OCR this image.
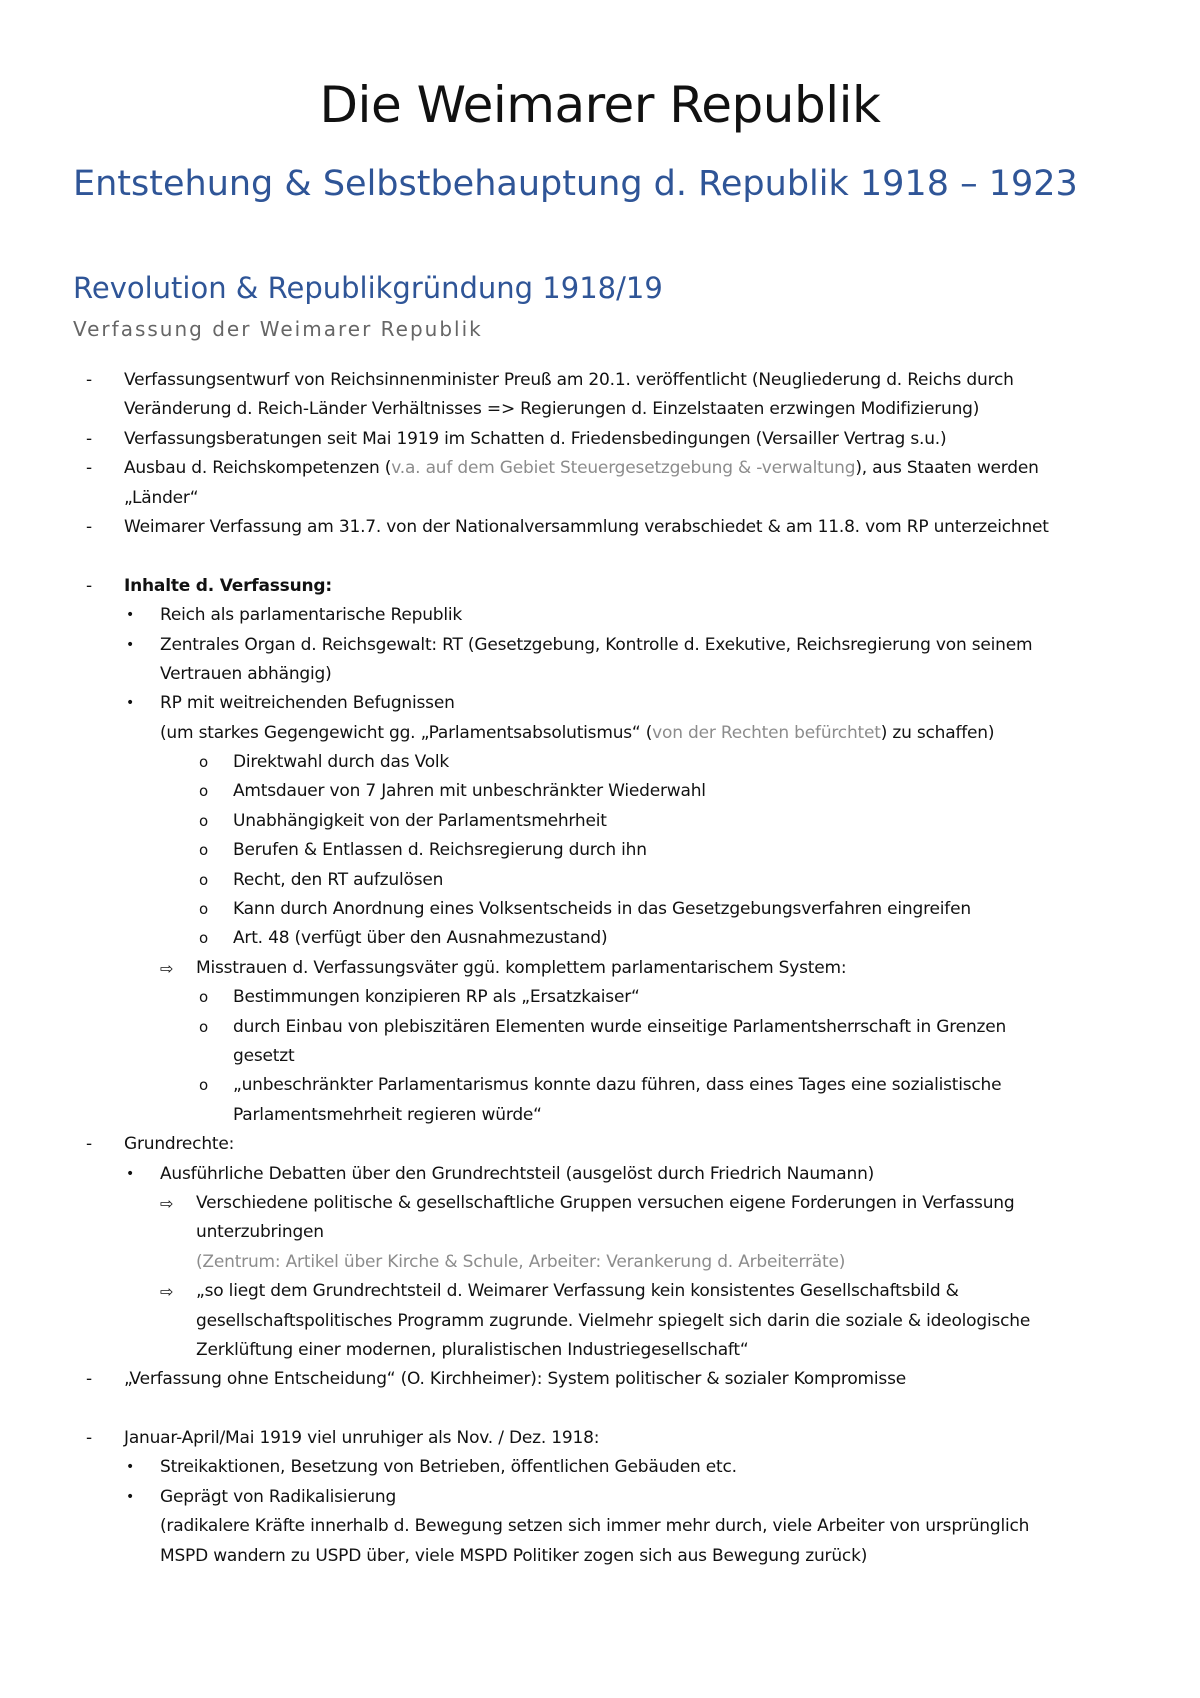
Die Weimarer Republik
Entstehung & Selbstbehauptung d. Republik 1918 – 1923
Revolution & Republikgründung 1918/19
Verfassung der Weimarer Republik
- Verfassungsentwurf von Reichsinnenminister Preuß am 20.1. veröffentlicht (Neugliederung d. Reichs durch
Veränderung d. Reich-Länder Verhältnisses => Regierungen d. Einzelstaaten erzwingen Modifizierung)
- Verfassungsberatungen seit Mai 1919 im Schatten d. Friedensbedingungen (Versailler Vertrag s.u.)
- Ausbau d. Reichskompetenzen (v.a. auf dem Gebiet Steuergesetzgebung & -verwaltung), aus Staaten werden
„Länder“
- Weimarer Verfassung am 31.7. von der Nationalversammlung verabschiedet & am 11.8. vom RP unterzeichnet
- Inhalte d. Verfassung:
• Reich als parlamentarische Republik
• Zentrales Organ d. Reichsgewalt: RT (Gesetzgebung, Kontrolle d. Exekutive, Reichsregierung von seinem
Vertrauen abhängig)
• RP mit weitreichenden Befugnissen
(um starkes Gegengewicht gg. „Parlamentsabsolutismus“ (von der Rechten befürchtet) zu schaffen)
o Direktwahl durch das Volk
o Amtsdauer von 7 Jahren mit unbeschränkter Wiederwahl
o Unabhängigkeit von der Parlamentsmehrheit
o Berufen & Entlassen d. Reichsregierung durch ihn
o Recht, den RT aufzulösen
o Kann durch Anordnung eines Volksentscheids in das Gesetzgebungsverfahren eingreifen
o Art. 48 (verfügt über den Ausnahmezustand)
⇨ Misstrauen d. Verfassungsväter ggü. komplettem parlamentarischem System:
o Bestimmungen konzipieren RP als „Ersatzkaiser“
o durch Einbau von plebiszitären Elementen wurde einseitige Parlamentsherrschaft in Grenzen
gesetzt
o „unbeschränkter Parlamentarismus konnte dazu führen, dass eines Tages eine sozialistische
Parlamentsmehrheit regieren würde“
- Grundrechte:
• Ausführliche Debatten über den Grundrechtsteil (ausgelöst durch Friedrich Naumann)
⇨ Verschiedene politische & gesellschaftliche Gruppen versuchen eigene Forderungen in Verfassung
unterzubringen
(Zentrum: Artikel über Kirche & Schule, Arbeiter: Verankerung d. Arbeiterräte)
⇨ „so liegt dem Grundrechtsteil d. Weimarer Verfassung kein konsistentes Gesellschaftsbild &
gesellschaftspolitisches Programm zugrunde. Vielmehr spiegelt sich darin die soziale & ideologische
Zerklüftung einer modernen, pluralistischen Industriegesellschaft“
- „Verfassung ohne Entscheidung“ (O. Kirchheimer): System politischer & sozialer Kompromisse
- Januar-April/Mai 1919 viel unruhiger als Nov. / Dez. 1918:
• Streikaktionen, Besetzung von Betrieben, öffentlichen Gebäuden etc.
• Geprägt von Radikalisierung
(radikalere Kräfte innerhalb d. Bewegung setzen sich immer mehr durch, viele Arbeiter von ursprünglich
MSPD wandern zu USPD über, viele MSPD Politiker zogen sich aus Bewegung zurück)
